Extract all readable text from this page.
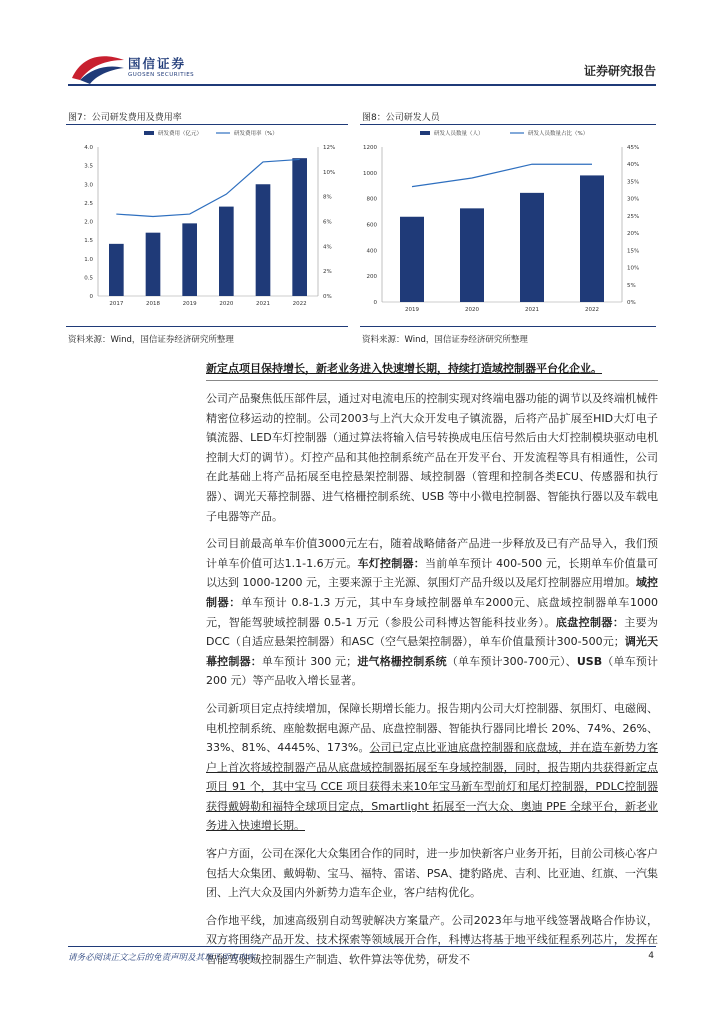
国信证券
GUOSEN SECURITIES	证券研究报告
图7：公司研发费用及费用率	图8：公司研发人员
研发费用（亿元）	研发费用率（%）
0
0.5
1.0
1.5
2.0
2.5
3.0
3.5
4.0
0%
2%
4%
6%
8%
10%
12%
2017	2018	2019	2020	2021	2022
研发人员数量（人）	研发人员数量占比（%）
0
200
400
600
800
1000
1200
0%
5%
10%
15%
20%
25%
30%
35%
40%
45%
2019	2020	2021	2022
资料来源：Wind，国信证券经济研究所整理	资料来源：Wind，国信证券经济研究所整理
新定点项目保持增长，新老业务进入快速增长期，持续打造域控制器平台化企业。

公司产品聚焦低压部件层，通过对电流电压的控制实现对终端电器功能的调节以及终端机械件精密位移运动的控制。公司2003与上汽大众开发电子镇流器，后将产品扩展至HID大灯电子镇流器、LED车灯控制器（通过算法将输入信号转换成电压信号然后由大灯控制模块驱动电机控制大灯的调节）。灯控产品和其他控制系统产品在开发平台、开发流程等具有相通性，公司在此基础上将产品拓展至电控悬架控制器、域控制器（管理和控制各类ECU、传感器和执行器）、调光天幕控制器、进气格栅控制系统、USB 等中小微电控制器、智能执行器以及车载电子电器等产品。

公司目前最高单车价值3000元左右，随着战略储备产品进一步释放及已有产品导入，我们预计单车价值可达1.1-1.6万元。车灯控制器：当前单车预计 400-500 元，长期单车价值量可以达到 1000-1200 元，主要来源于主光源、氛围灯产品升级以及尾灯控制器应用增加。域控制器：单车预计 0.8-1.3 万元，其中车身域控制器单车2000元、底盘域控制器单车1000元，智能驾驶域控制器 0.5-1 万元（参股公司科博达智能科技业务）。底盘控制器：主要为DCC（自适应悬架控制器）和ASC（空气悬架控制器），单车价值量预计300-500元；调光天幕控制器：单车预计 300 元；进气格栅控制系统（单车预计300-700元）、USB（单车预计 200 元）等产品收入增长显著。

公司新项目定点持续增加，保障长期增长能力。报告期内公司大灯控制器、氛围灯、电磁阀、电机控制系统、座舱数据电源产品、底盘控制器、智能执行器同比增长 20%、74%、26%、33%、81%、4445%、173%。公司已定点比亚迪底盘控制器和底盘域，并在造车新势力客户上首次将域控制器产品从底盘域控制器拓展至车身域控制器，同时，报告期内共获得新定点项目 91 个，其中宝马 CCE 项目获得未来10年宝马新车型前灯和尾灯控制器，PDLC控制器获得戴姆勒和福特全球项目定点，Smartlight 拓展至一汽大众、奥迪 PPE 全球平台，新老业务进入快速增长期。

客户方面，公司在深化大众集团合作的同时，进一步加快新客户业务开拓，目前公司核心客户包括大众集团、戴姆勒、宝马、福特、雷诺、PSA、捷豹路虎、吉利、比亚迪、红旗、一汽集团、上汽大众及国内外新势力造车企业，客户结构优化。

合作地平线，加速高级别自动驾驶解决方案量产。公司2023年与地平线签署战略合作协议，双方将围绕产品开发、技术探索等领域展开合作，科博达将基于地平线征程系列芯片，发挥在智能驾驶域控制器生产制造、软件算法等优势，研发不

请务必阅读正文之后的免责声明及其项下所有内容	4
